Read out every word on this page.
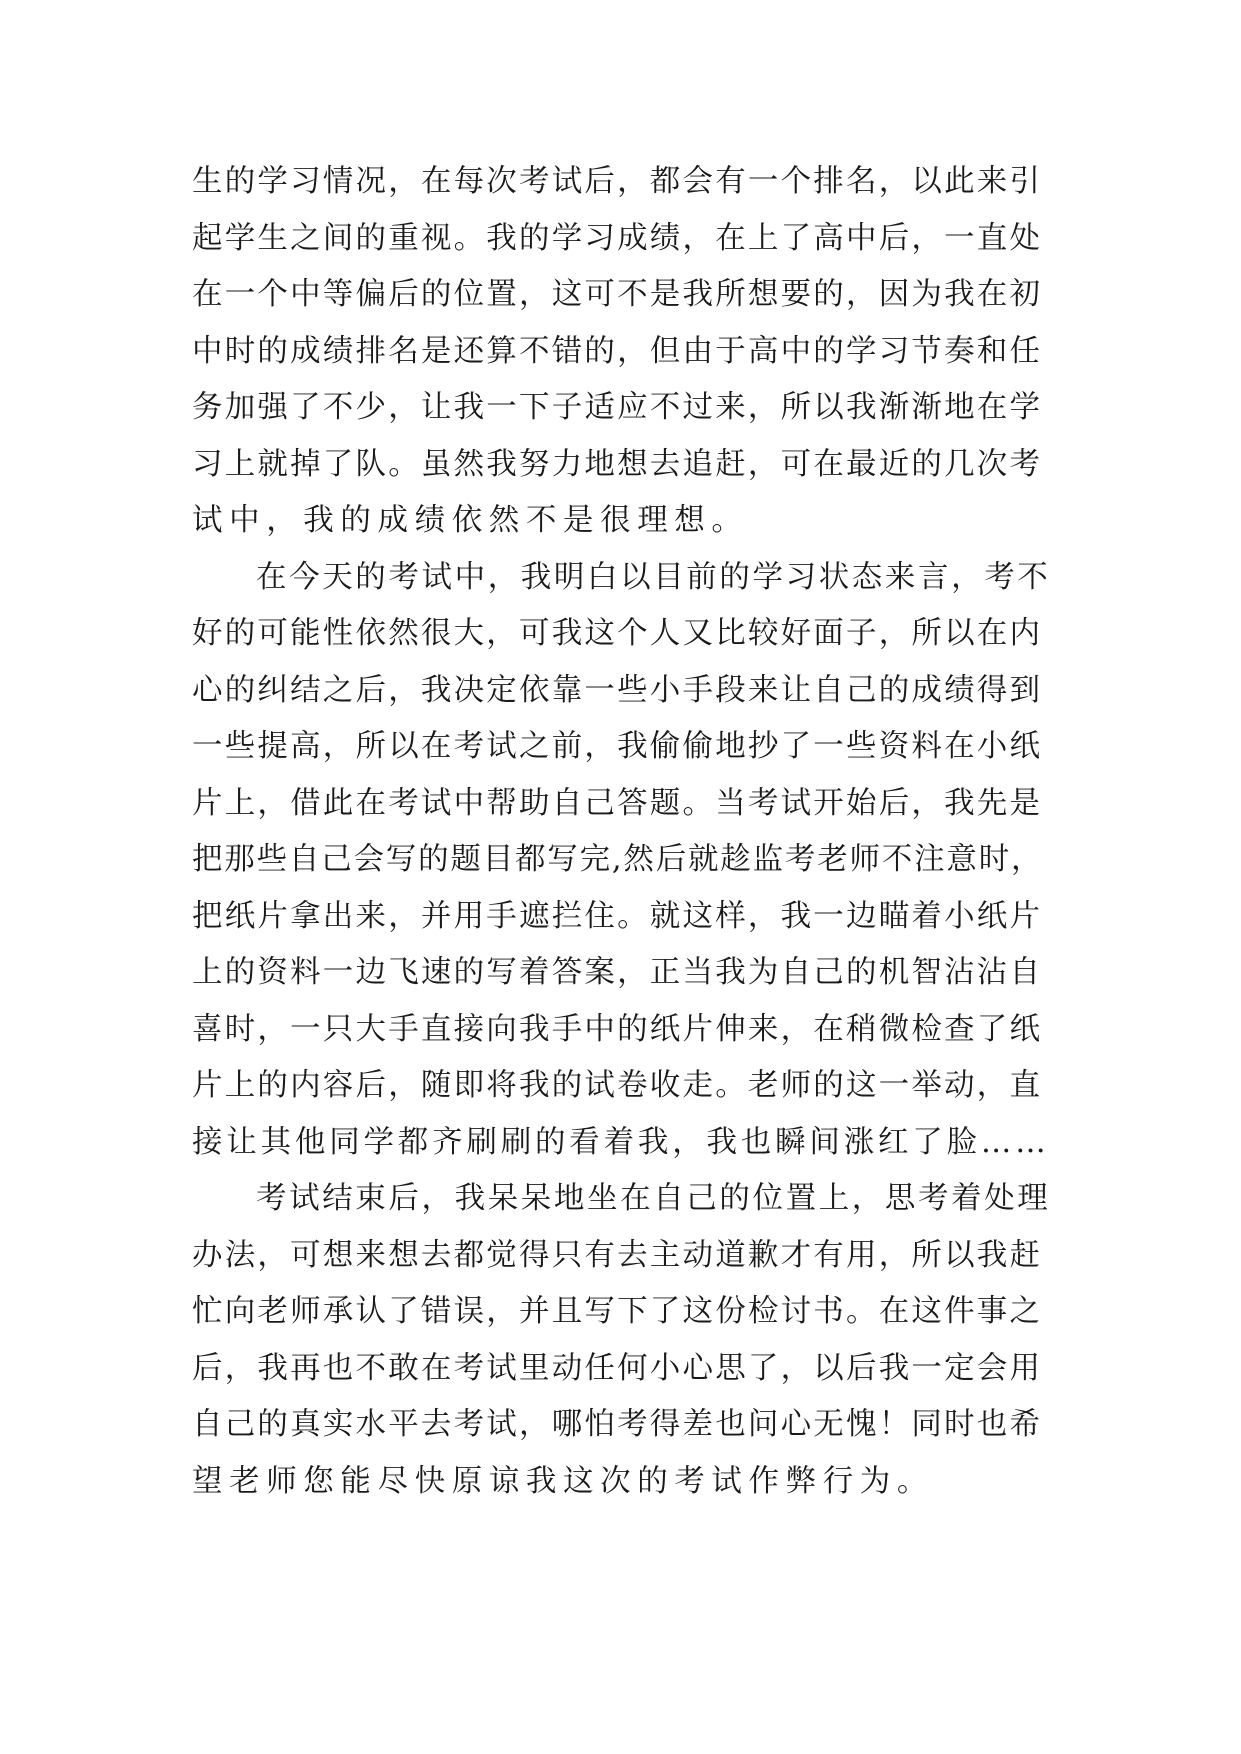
生的学习情况，在每次考试后，都会有一个排名，以此来引
起学生之间的重视。我的学习成绩，在上了高中后，一直处
在一个中等偏后的位置，这可不是我所想要的，因为我在初
中时的成绩排名是还算不错的，但由于高中的学习节奏和任
务加强了不少，让我一下子适应不过来，所以我渐渐地在学
习上就掉了队。虽然我努力地想去追赶，可在最近的几次考
试中，我的成绩依然不是很理想。
在今天的考试中，我明白以目前的学习状态来言，考不
好的可能性依然很大，可我这个人又比较好面子，所以在内
心的纠结之后，我决定依靠一些小手段来让自己的成绩得到
一些提高，所以在考试之前，我偷偷地抄了一些资料在小纸
片上，借此在考试中帮助自己答题。当考试开始后，我先是
把那些自己会写的题目都写完,然后就趁监考老师不注意时，
把纸片拿出来，并用手遮拦住。就这样，我一边瞄着小纸片
上的资料一边飞速的写着答案，正当我为自己的机智沾沾自
喜时，一只大手直接向我手中的纸片伸来，在稍微检查了纸
片上的内容后，随即将我的试卷收走。老师的这一举动，直
接让其他同学都齐刷刷的看着我，我也瞬间涨红了脸……
考试结束后，我呆呆地坐在自己的位置上，思考着处理
办法，可想来想去都觉得只有去主动道歉才有用，所以我赶
忙向老师承认了错误，并且写下了这份检讨书。在这件事之
后，我再也不敢在考试里动任何小心思了，以后我一定会用
自己的真实水平去考试，哪怕考得差也问心无愧！同时也希
望老师您能尽快原谅我这次的考试作弊行为。
